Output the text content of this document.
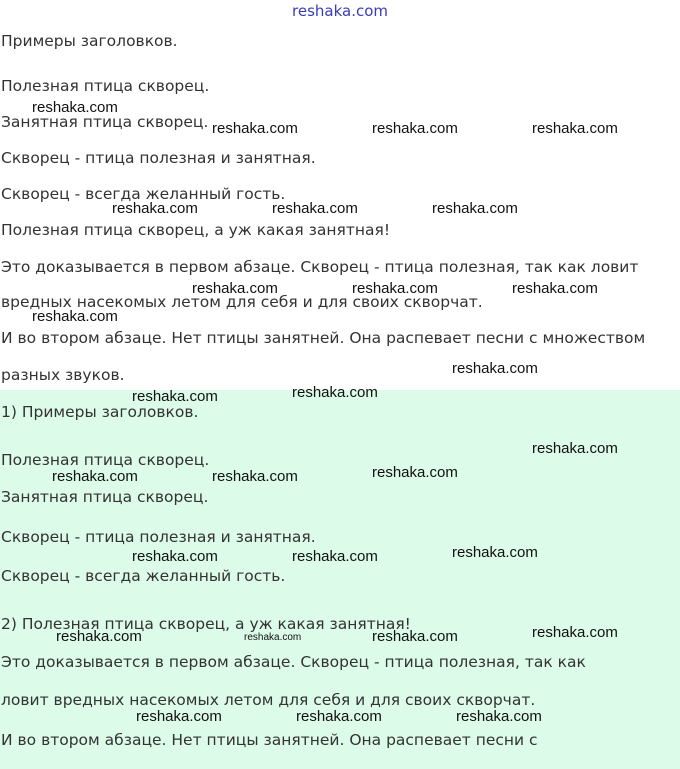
reshaka.com
Примеры заголовков.
Полезная птица скворец.
Занятная птица скворец.
Скворец - птица полезная и занятная.
Скворец - всегда желанный гость.
Полезная птица скворец, а уж какая занятная!
Это доказывается в первом абзаце. Скворец - птица полезная, так как ловит
вредных насекомых летом для себя и для своих скворчат.
И во втором абзаце. Нет птицы занятней. Она распевает песни с множеством
разных звуков.
1) Примеры заголовков.
Полезная птица скворец.
Занятная птица скворец.
Скворец - птица полезная и занятная.
Скворец - всегда желанный гость.
2) Полезная птица скворец, а уж какая занятная!
Это доказывается в первом абзаце. Скворец - птица полезная, так как
ловит вредных насекомых летом для себя и для своих скворчат.
И во втором абзаце. Нет птицы занятней. Она распевает песни с
reshaka.com
reshaka.com	reshaka.com	reshaka.com
reshaka.com	reshaka.com	reshaka.com
reshaka.com	reshaka.com	reshaka.com
reshaka.com
reshaka.com
reshaka.com
reshaka.com
reshaka.com
reshaka.com
reshaka.com	reshaka.com
reshaka.com
reshaka.com	reshaka.com
reshaka.com
reshaka.com	reshaka.com	reshaka.com
reshaka.com	reshaka.com	reshaka.com
